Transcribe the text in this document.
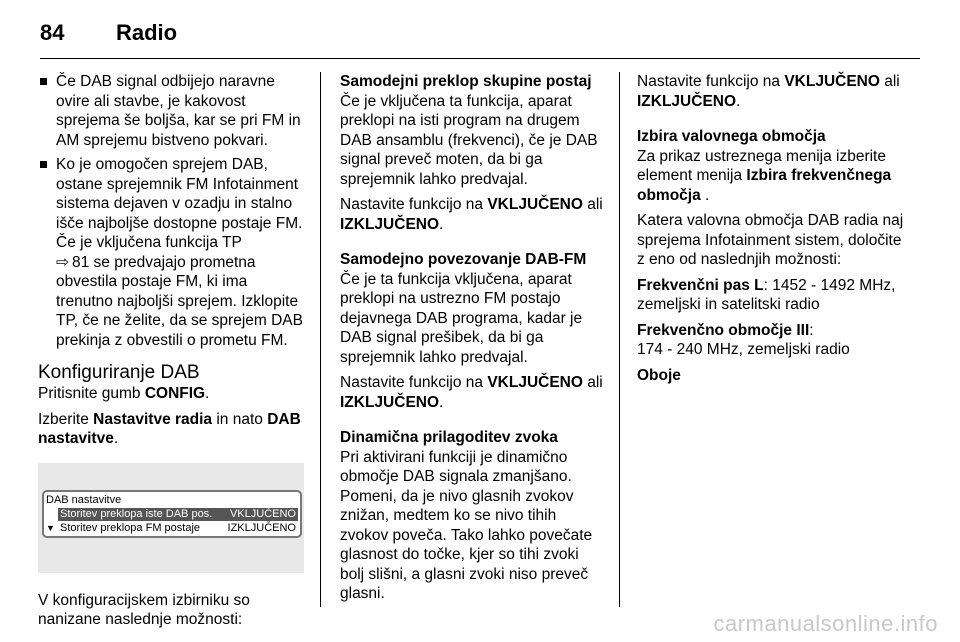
84 Radio
Če DAB signal odbijejo naravne ovire ali stavbe, je kakovost sprejema še boljša, kar se pri FM in AM sprejemu bistveno pokvari.
Ko je omogočen sprejem DAB, ostane sprejemnik FM Infotainment sistema dejaven v ozadju in stalno išče najboljše dostopne postaje FM. Če je vključena funkcija TP
⇨ 81 se predvajajo prometna obvestila postaje FM, ki ima trenutno najboljši sprejem. Izklopite TP, če ne želite, da se sprejem DAB prekinja z obvestili o prometu FM.
Konfiguriranje DAB

Pritisnite gumb CONFIG.

Izberite Nastavitve radia in nato DAB nastavitve.

DAB nastavitve
Storitev preklopa iste DAB pos. VKLJUČENO
▼ Storitev preklopa FM postaje	IZKLJUČENO

V konfiguracijskem izbirniku so nanizane naslednje možnosti:

Samodejni preklop skupine postaj

Če je vključena ta funkcija, aparat preklopi na isti program na drugem DAB ansamblu (frekvenci), če je DAB signal preveč moten, da bi ga sprejemnik lahko predvajal.

Nastavite funkcijo na VKLJUČENO ali IZKLJUČENO.

Samodejno povezovanje DAB-FM

Če je ta funkcija vključena, aparat preklopi na ustrezno FM postajo dejavnega DAB programa, kadar je DAB signal prešibek, da bi ga sprejemnik lahko predvajal.

Nastavite funkcijo na VKLJUČENO ali IZKLJUČENO.

Dinamična prilagoditev zvoka

Pri aktivirani funkciji je dinamično območje DAB signala zmanjšano. Pomeni, da je nivo glasnih zvokov znižan, medtem ko se nivo tihih zvokov poveča. Tako lahko povečate glasnost do točke, kjer so tihi zvoki bolj slišni, a glasni zvoki niso preveč glasni.

Nastavite funkcijo na VKLJUČENO ali IZKLJUČENO.

Izbira valovnega območja

Za prikaz ustreznega menija izberite element menija Izbira frekvenčnega območja .

Katera valovna območja DAB radia naj sprejema Infotainment sistem, določite z eno od naslednjih možnosti:

Frekvenčni pas L: 1452 - 1492 MHz, zemeljski in satelitski radio

Frekvenčno območje III:
174 - 240 MHz, zemeljski radio

Oboje

carmanualsonline.info
